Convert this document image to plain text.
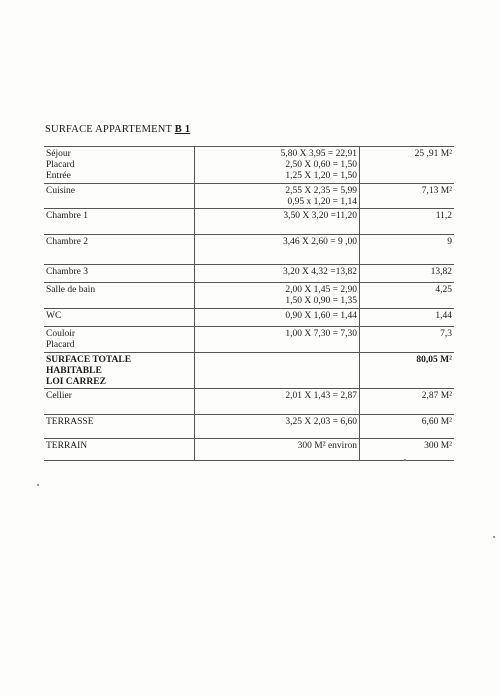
SURFACE APPARTEMENT B 1
Séjour
Placard
Entrée	5,80 X 3,95 = 22,91
2,50 X 0,60 = 1,50
1,25 X 1,20 = 1,50	25 ,91 M²

Cuisine	2,55 X 2,35 = 5,99
0,95 x 1,20 = 1,14	7,13 M²

Chambre 1	3,50 X 3,20 =11,20	11,2

Chambre 2	3,46 X 2,60 = 9 ,00	9

Chambre 3	3,20 X 4,32 =13,82	13,82

Salle de bain	2,00 X 1,45 = 2,90
1,50 X 0,90 = 1,35	4,25

WC	0,90 X 1,60 = 1,44	1,44

Couloir
Placard	1,00 X 7,30 = 7,30	7,3

SURFACE TOTALE
HABITABLE
LOI CARREZ		80,05 M²

Cellier	2,01 X 1,43 = 2,87	2,87 M²

TERRASSE	3,25 X 2,03 = 6,60	6,60 M²

TERRAIN	300 M² environ	300 M²
